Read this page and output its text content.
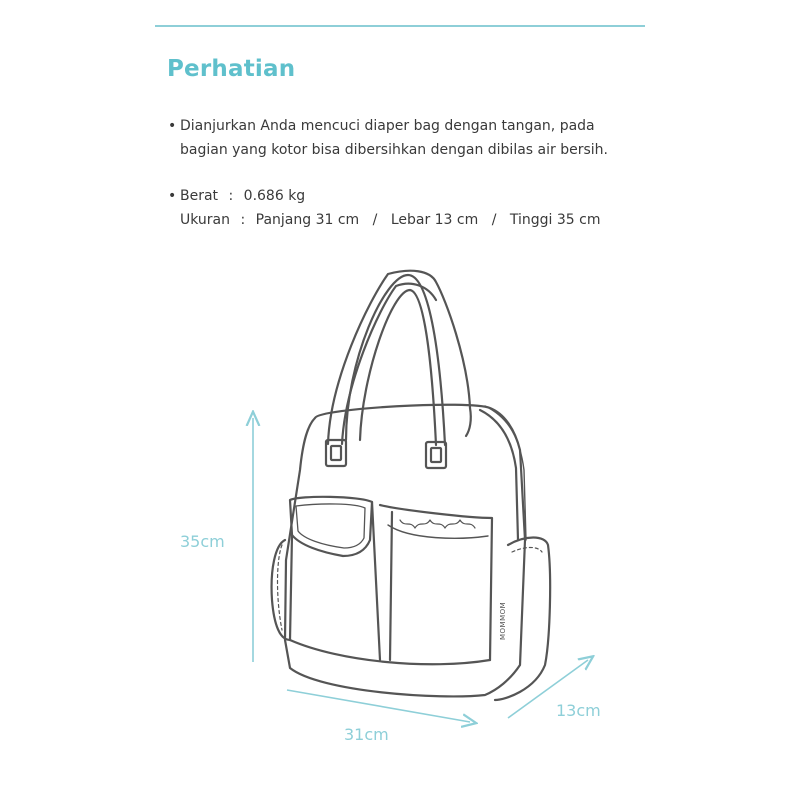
Perhatian
• Dianjurkan Anda mencuci diaper bag dengan tangan, pada
bagian yang kotor bisa dibersihkan dengan dibilas air bersih.
• Berat : 0.686 kg
Ukuran : Panjang 31 cm / Lebar 13 cm / Tinggi 35 cm
MOMMOM
35cm
31cm
13cm
